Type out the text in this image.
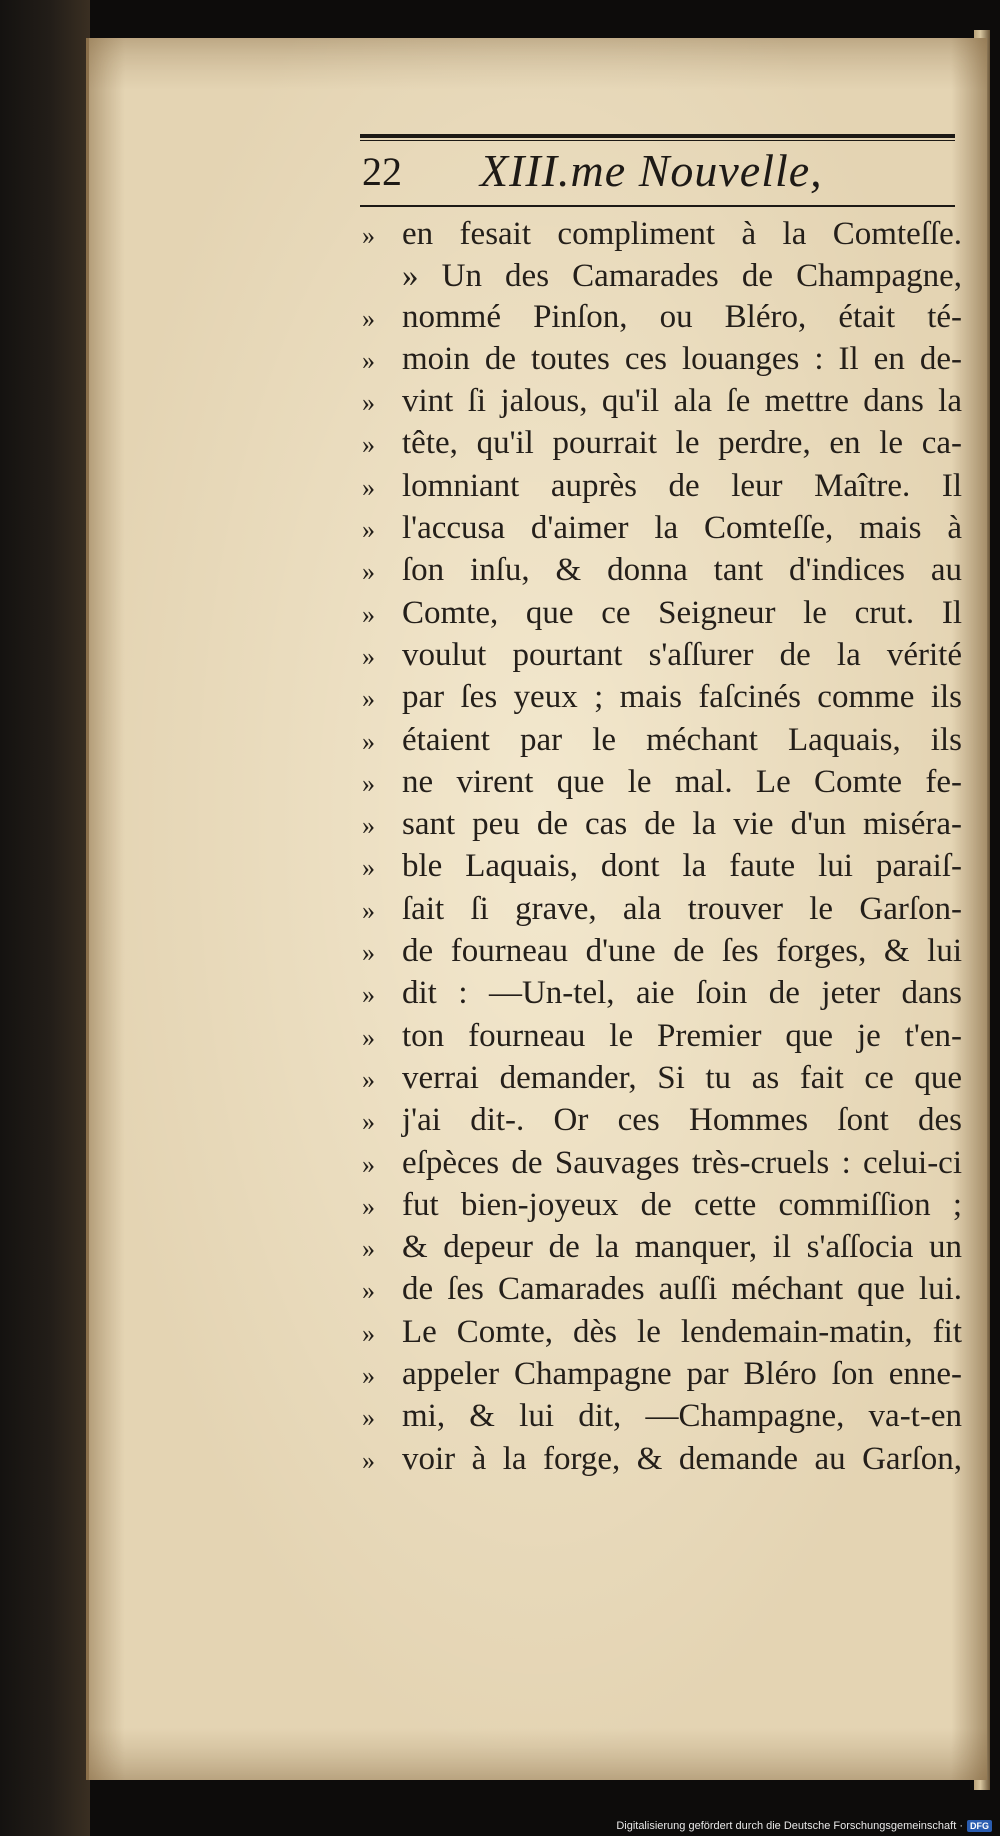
22 XIII.me Nouvelle,
» en fesait compliment à la Comteſſe.
» Un des Camarades de Champagne,
» nommé Pinſon, ou Bléro, était té-
» moin de toutes ces louanges : Il en de-
» vint ſi jalous, qu'il ala ſe mettre dans la
» tête, qu'il pourrait le perdre, en le ca-
» lomniant auprès de leur Maître. Il
» l'accusa d'aimer la Comteſſe, mais à
» ſon inſu, & donna tant d'indices au
» Comte, que ce Seigneur le crut. Il
» voulut pourtant s'aſſurer de la vérité
» par ſes yeux ; mais faſcinés comme ils
» étaient par le méchant Laquais, ils
» ne virent que le mal. Le Comte fe-
» sant peu de cas de la vie d'un miséra-
» ble Laquais, dont la faute lui paraiſ-
» ſait ſi grave, ala trouver le Garſon-
» de fourneau d'une de ſes forges, & lui
» dit : —Un-tel, aie ſoin de jeter dans
» ton fourneau le Premier que je t'en-
» verrai demander, Si tu as fait ce que
» j'ai dit-. Or ces Hommes ſont des
» eſpèces de Sauvages très-cruels : celui-ci
» fut bien-joyeux de cette commiſſion ;
» & depeur de la manquer, il s'aſſocia un
» de ſes Camarades auſſi méchant que lui.
» Le Comte, dès le lendemain-matin, fit
» appeler Champagne par Bléro ſon enne-
» mi, & lui dit, —Champagne, va-t-en
» voir à la forge, & demande au Garſon,
Digitalisierung gefördert durch die Deutsche Forschungsgemeinschaft · DFG
